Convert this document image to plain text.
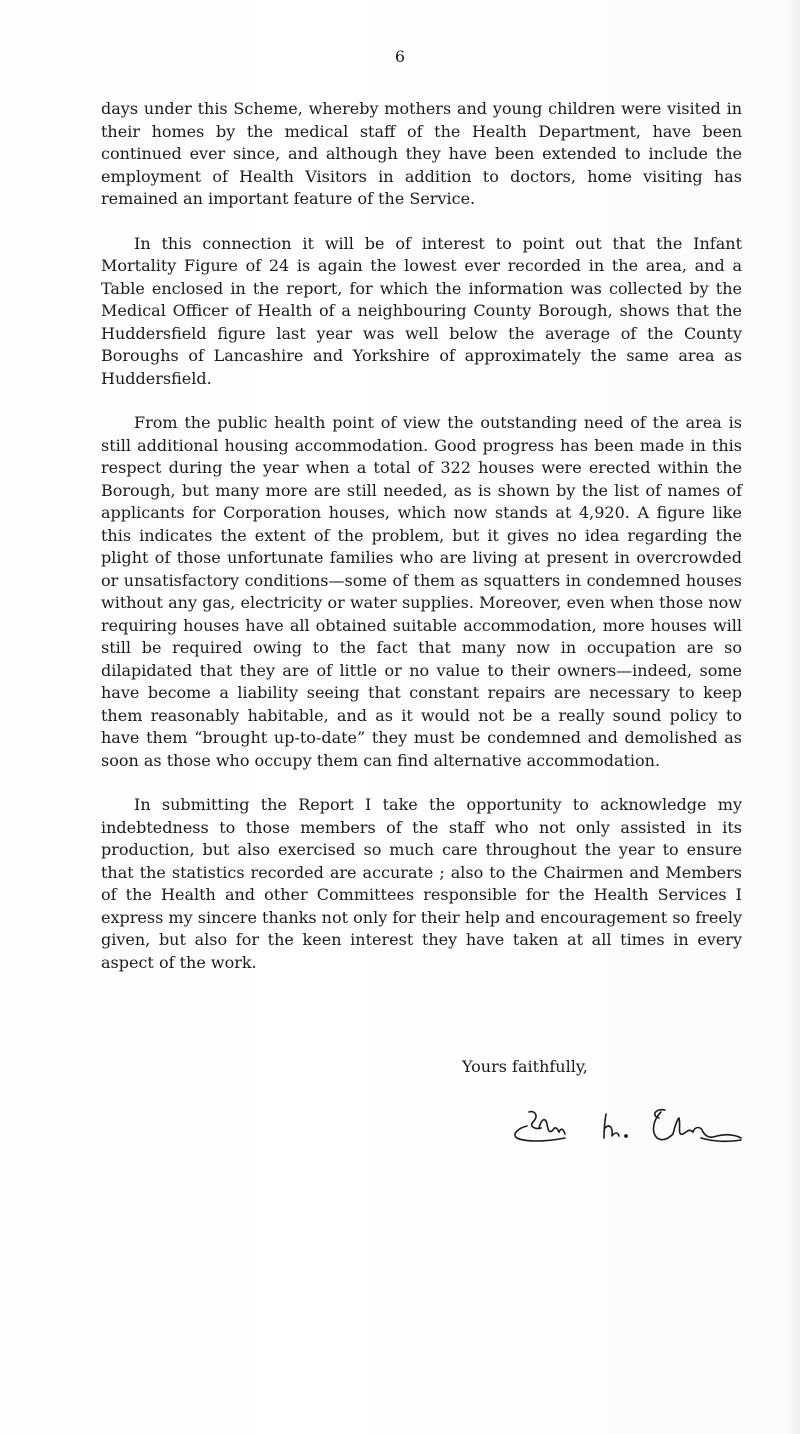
6

days under this Scheme, whereby mothers and young children were visited in their homes by the medical staff of the Health Department, have been continued ever since, and although they have been extended to include the employment of Health Visitors in addition to doctors, home visiting has remained an important feature of the Service.

In this connection it will be of interest to point out that the Infant Mortality Figure of 24 is again the lowest ever recorded in the area, and a Table enclosed in the report, for which the information was collected by the Medical Officer of Health of a neighbouring County Borough, shows that the Huddersfield figure last year was well below the average of the County Boroughs of Lancashire and Yorkshire of approximately the same area as Huddersfield.

From the public health point of view the outstanding need of the area is still additional housing accommodation. Good progress has been made in this respect during the year when a total of 322 houses were erected within the Borough, but many more are still needed, as is shown by the list of names of applicants for Corporation houses, which now stands at 4,920. A figure like this indicates the extent of the problem, but it gives no idea regarding the plight of those unfortunate families who are living at present in overcrowded or unsatisfactory conditions—some of them as squatters in condemned houses without any gas, electricity or water supplies. Moreover, even when those now requiring houses have all obtained suitable accommodation, more houses will still be required owing to the fact that many now in occupation are so dilapidated that they are of little or no value to their owners—indeed, some have become a liability seeing that constant repairs are necessary to keep them reasonably habitable, and as it would not be a really sound policy to have them “brought up-to-date” they must be condemned and demolished as soon as those who occupy them can find alternative accommodation.

In submitting the Report I take the opportunity to acknowledge my indebtedness to those members of the staff who not only assisted in its production, but also exercised so much care throughout the year to ensure that the statistics recorded are accurate ; also to the Chairmen and Members of the Health and other Committees responsible for the Health Services I express my sincere thanks not only for their help and encouragement so freely given, but also for the keen interest they have taken at all times in every aspect of the work.

Yours faithfully,
